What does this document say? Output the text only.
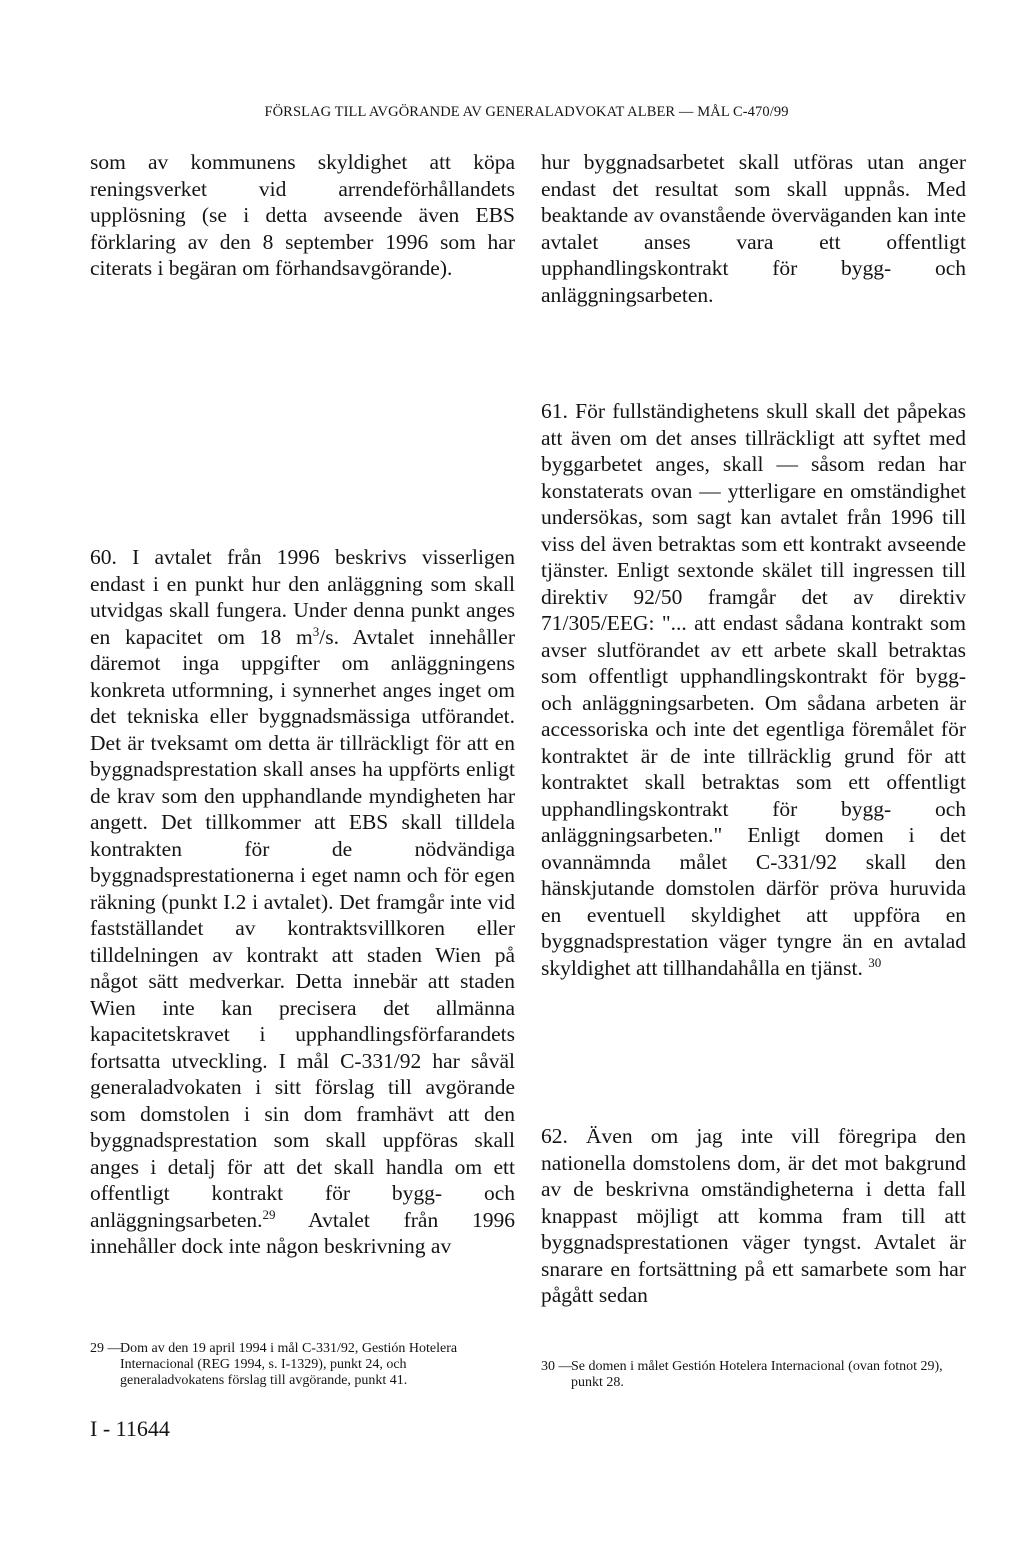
FÖRSLAG TILL AVGÖRANDE AV GENERALADVOKAT ALBER — MÅL C-470/99

som av kommunens skyldighet att köpa reningsverket vid arrendeförhållandets upplösning (se i detta avseende även EBS förklaring av den 8 september 1996 som har citerats i begäran om förhandsavgörande).

60. I avtalet från 1996 beskrivs visserligen endast i en punkt hur den anläggning som skall utvidgas skall fungera. Under denna punkt anges en kapacitet om 18 $m^3/s$. Avtalet innehåller däremot inga uppgifter om anläggningens konkreta utformning, i synnerhet anges inget om det tekniska eller byggnadsmässiga utförandet. Det är tveksamt om detta är tillräckligt för att en byggnadsprestation skall anses ha uppförts enligt de krav som den upphandlande myndigheten har angett. Det tillkommer att EBS skall tilldela kontrakten för de nödvändiga byggnadsprestationerna i eget namn och för egen räkning (punkt I.2 i avtalet). Det framgår inte vid fastställandet av kontraktsvillkoren eller tilldelningen av kontrakt att staden Wien på något sätt medverkar. Detta innebär att staden Wien inte kan precisera det allmänna kapacitetskravet i upphandlingsförfarandets fortsatta utveckling. I mål C-331/92 har såväl generaladvokaten i sitt förslag till avgörande som domstolen i sin dom framhävt att den byggnadsprestation som skall uppföras skall anges i detalj för att det skall handla om ett offentligt kontrakt för bygg- och anläggningsarbeten.$^{29}$ Avtalet från 1996 innehåller dock inte någon beskrivning av

hur byggnadsarbetet skall utföras utan anger endast det resultat som skall uppnås. Med beaktande av ovanstående överväganden kan inte avtalet anses vara ett offentligt upphandlingskontrakt för bygg- och anläggningsarbeten.

61. För fullständighetens skull skall det påpekas att även om det anses tillräckligt att syftet med byggarbetet anges, skall — såsom redan har konstaterats ovan — ytterligare en omständighet undersökas, som sagt kan avtalet från 1996 till viss del även betraktas som ett kontrakt avseende tjänster. Enligt sextonde skälet till ingressen till direktiv 92/50 framgår det av direktiv 71/305/EEG: "... att endast sådana kontrakt som avser slutförandet av ett arbete skall betraktas som offentligt upphandlingskontrakt för bygg- och anläggningsarbeten. Om sådana arbeten är accessoriska och inte det egentliga föremålet för kontraktet är de inte tillräcklig grund för att kontraktet skall betraktas som ett offentligt upphandlingskontrakt för bygg- och anläggningsarbeten." Enligt domen i det ovannämnda målet C-331/92 skall den hänskjutande domstolen därför pröva huruvida en eventuell skyldighet att uppföra en byggnadsprestation väger tyngre än en avtalad skyldighet att tillhandahålla en tjänst. $^{30}$

62. Även om jag inte vill föregripa den nationella domstolens dom, är det mot bakgrund av de beskrivna omständigheterna i detta fall knappast möjligt att komma fram till att byggnadsprestationen väger tyngst. Avtalet är snarare en fortsättning på ett samarbete som har pågått sedan

29 —
Dom av den 19 april 1994 i mål C-331/92, Gestión Hotelera Internacional (REG 1994, s. I-1329), punkt 24, och generaladvokatens förslag till avgörande, punkt 41.
30 —
Se domen i målet Gestión Hotelera Internacional (ovan fotnot 29), punkt 28.
I - 11644
